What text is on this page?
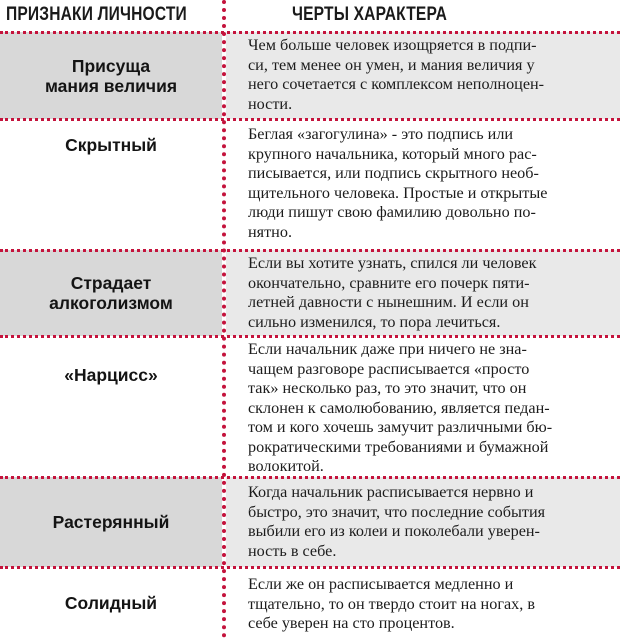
ПРИЗНАКИ ЛИЧНОСТИ	ЧЕРТЫ ХАРАКТЕРА
Присуща
мания величия
Чем больше человек изощряется в подпи-
си, тем менее он умен, и мания величия у
него сочетается с комплексом неполноцен-
ности.
Скрытный
Беглая «загогулина» - это подпись или
крупного начальника, который много рас-
писывается, или подпись скрытного необ-
щительного человека. Простые и открытые
люди пишут свою фамилию довольно по-
нятно.
Страдает
алкоголизмом
Если вы хотите узнать, спился ли человек
окончательно, сравните его почерк пяти-
летней давности с нынешним. И если он
сильно изменился, то пора лечиться.
«Нарцисс»
Если начальник даже при ничего не зна-
чащем разговоре расписывается «просто
так» несколько раз, то это значит, что он
склонен к самолюбованию, является педан-
том и кого хочешь замучит различными бю-
рократическими требованиями и бумажной
волокитой.
Растерянный
Когда начальник расписывается нервно и
быстро, это значит, что последние события
выбили его из колеи и поколебали уверен-
ность в себе.
Солидный
Если же он расписывается медленно и
тщательно, то он твердо стоит на ногах, в
себе уверен на сто процентов.
